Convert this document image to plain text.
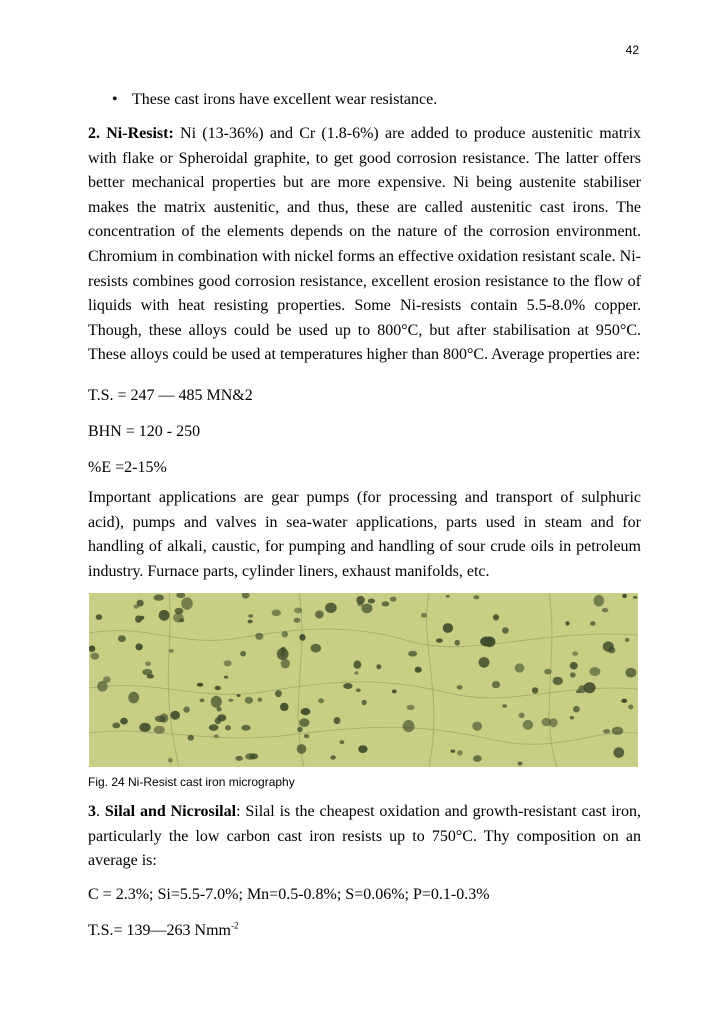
42
• These cast irons have excellent wear resistance.

2. Ni-Resist: Ni (13-36%) and Cr (1.8-6%) are added to produce austenitic matrix with flake or Spheroidal graphite, to get good corrosion resistance. The latter offers better mechanical properties but are more expensive. Ni being austenite stabiliser makes the matrix austenitic, and thus, these are called austenitic cast irons. The concentration of the elements depends on the nature of the corrosion environment. Chromium in combination with nickel forms an effective oxidation resistant scale. Ni-resists combines good corrosion resistance, excellent erosion resistance to the flow of liquids with heat resisting properties. Some Ni-resists contain 5.5-8.0% copper. Though, these alloys could be used up to 800°C, but after stabilisation at 950°C. These alloys could be used at temperatures higher than 800°C. Average properties are:

T.S. = 247 — 485 MN&2

BHN = 120 - 250

%E =2-15%

Important applications are gear pumps (for processing and transport of sulphuric acid), pumps and valves in sea-water applications, parts used in steam and for handling of alkali, caustic, for pumping and handling of sour crude oils in petroleum industry. Furnace parts, cylinder liners, exhaust manifolds, etc.

Fig. 24 Ni-Resist cast iron micrography

3. Silal and Nicrosilal: Silal is the cheapest oxidation and growth-resistant cast iron, particularly the low carbon cast iron resists up to 750°C. Thy composition on an average is:

C = 2.3%; Si=5.5-7.0%; Mn=0.5-0.8%; S=0.06%; P=0.1-0.3%

T.S.= 139—263 Nmm$^{-2}$
